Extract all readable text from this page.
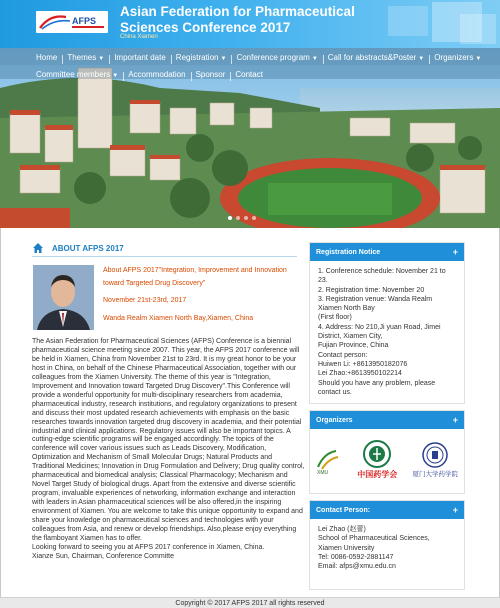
AFPS
Asian Federation for Pharmaceutical Sciences Conference 2017
China Xiamen
Home	Themes ▼	Important date	Registration ▼	Conference program ▼	Call for abstracts&Poster ▼	Organizers ▼
Committee members ▼	Accommodation	Sponsor	Contact
ABOUT AFPS 2017

About AFPS 2017"Integration, Improvement and Innovation toward Targeted Drug Discovery"

November 21st-23rd, 2017

Wanda Realm Xiamen North Bay,Xiamen, China

The Asian Federation for Pharmaceutical Sciences (AFPS) Conference is a biennial pharmaceutical science meeting since 2007. This year, the AFPS 2017 conference will be held in Xiamen, China from November 21st to 23rd. It is my great honor to be your host in China, on behalf of the Chinese Pharmaceutical Association, together with our colleagues from the Xiamen University. The theme of this year is "Integration, Improvement and Innovation toward Targeted Drug Discovery".This Conference will provide a wonderful opportunity for multi-disciplinary researchers from academia, pharmaceutical industry, research institutions, and regulatory organizations to present and discuss their most updated research achievements with emphasis on the basic researches towards innovation targeted drug discovery in academia, and their potential industrial and clinical applications. Regulatory issues will also be important topics. A cutting-edge scientific programs will be engaged accordingly. The topics of the conference will cover various issues such as Leads Discovery, Modification, Optimization and Mechanism of Small Molecular Drugs; Natural Products and Traditional Medicines; Innovation in Drug Formulation and Delivery; Drug quality control, pharmaceutical and biomedical analysis; Classical Pharmacology; Mechanism and Novel Target Study of biological drugs. Apart from the extensive and diverse scientific program, invaluable experiences of networking, information exchange and interaction with leaders in Asian pharmaceutical sciences will be also offered,in the inspiring environment of Xiamen. You are welcome to take this unique opportunity to expand and share your knowledge on pharmaceutical sciences and technologies with your colleagues from Asia, and renew or develop friendships. Also,please enjoy everything the flamboyant Xiamen has to offer.
Looking forward to seeing you at AFPS 2017 conference in Xiamen, China.
Xianze Sun, Chairman, Conference Committe
Registration Notice	+
1. Conference schedule: November 21 to 23.
2. Registration time: November 20
3. Registration venue: Wanda Realm Xiamen North Bay
(First floor)
4. Address: No 210,Ji yuan Road, Jimei District, Xiamen City,
Fujian Province, China
Contact person:
Huiwen Li: +8613950182076
Lei Zhao:+8613950102214
Should you have any problem, please contact us.
Organizers	+
XMU	中国药学会 厦门大学药学院
Contact Person:	+
Lei Zhao (赵蕾)
School of Pharmaceutical Sciences,
Xiamen University
Tel: 0086-0592-2881147
Email: afps@xmu.edu.cn
Copyright © 2017 AFPS 2017 all rights reserved
